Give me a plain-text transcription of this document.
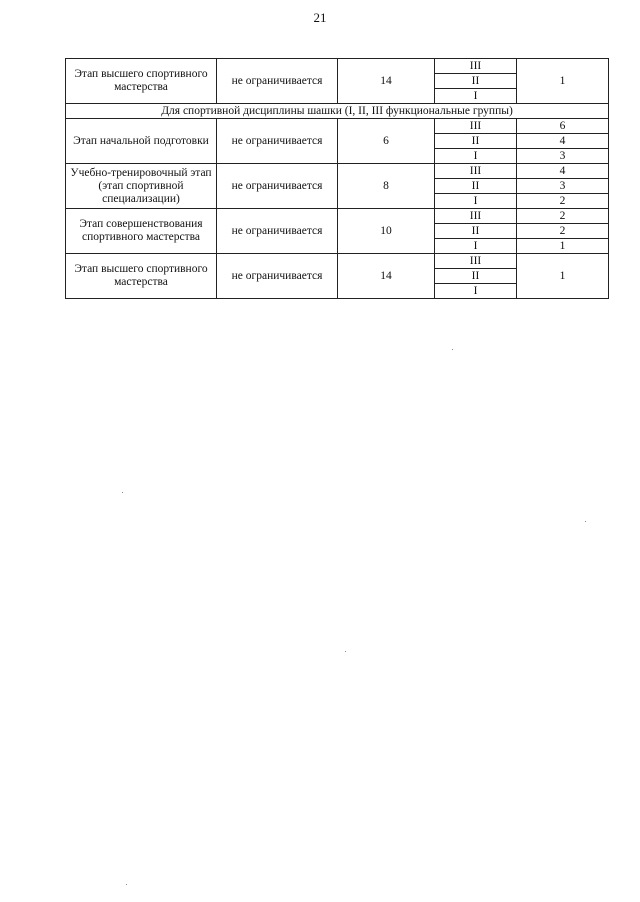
21
Этап высшего спортивного мастерства	не ограничивается	14	III	1
			II	
			I	
Для спортивной дисциплины шашки (I, II, III функциональные группы)				
Этап начальной подготовки	не ограничивается	6	III	6
			II	4
			I	3
Учебно-тренировочный этап (этап спортивной специализации)	не ограничивается	8	III	4
			II	3
			I	2
Этап совершенствования спортивного мастерства	не ограничивается	10	III	2
			II	2
			I	1
Этап высшего спортивного мастерства	не ограничивается	14	III	1
			II	
			I	
